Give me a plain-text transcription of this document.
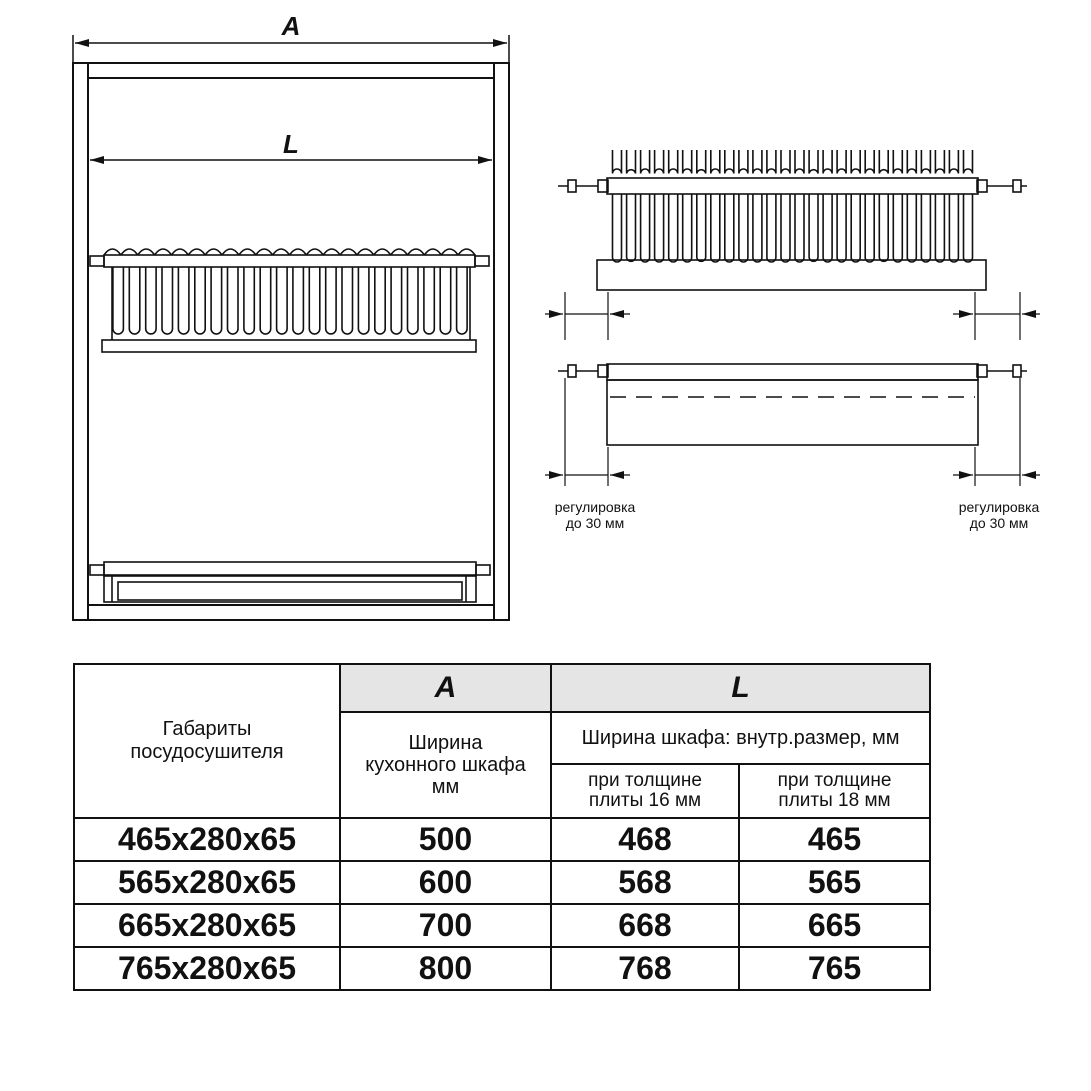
A
L
регулировка
до 30 мм
регулировка
до 30 мм
Габариты
посудосушителя	A	L	

	Ширина
кухонного шкафа
мм	Ширина шкафа: внутр.размер, мм	

		при толщине
плиты 16 мм	при толщине
плиты 18 мм

465x280x65	500	468	465
565x280x65	600	568	565
665x280x65	700	668	665
765x280x65	800	768	765
